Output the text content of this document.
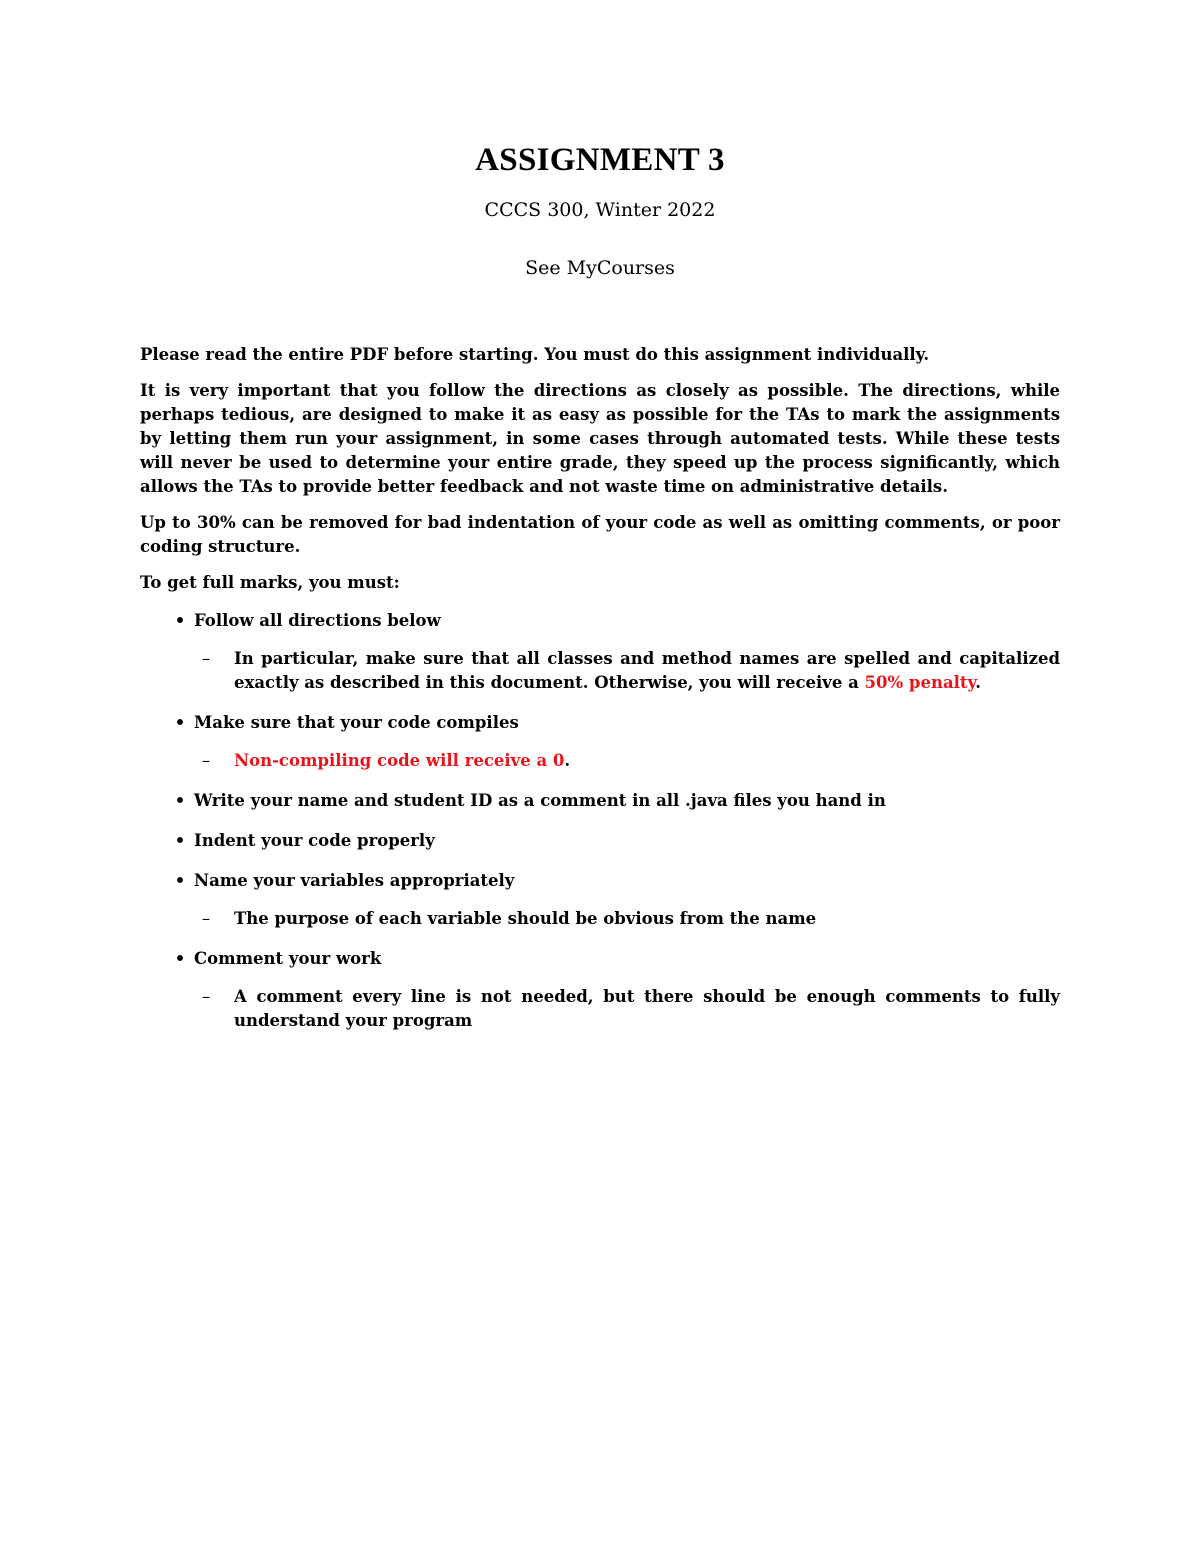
ASSIGNMENT 3

CCCS 300, Winter 2022

See MyCourses

Please read the entire PDF before starting. You must do this assignment individually.

It is very important that you follow the directions as closely as possible. The directions, while perhaps tedious, are designed to make it as easy as possible for the TAs to mark the assignments by letting them run your assignment, in some cases through automated tests. While these tests will never be used to determine your entire grade, they speed up the process significantly, which allows the TAs to provide better feedback and not waste time on administrative details.

Up to 30% can be removed for bad indentation of your code as well as omitting comments, or poor coding structure.

To get full marks, you must:

• Follow all directions below
–	In particular, make sure that all classes and method names are spelled and capitalized exactly as described in this document. Otherwise, you will receive a 50% penalty.
• Make sure that your code compiles
–	Non-compiling code will receive a 0.
• Write your name and student ID as a comment in all .java files you hand in
• Indent your code properly
• Name your variables appropriately
–	The purpose of each variable should be obvious from the name
• Comment your work
–	A comment every line is not needed, but there should be enough comments to fully understand your program
